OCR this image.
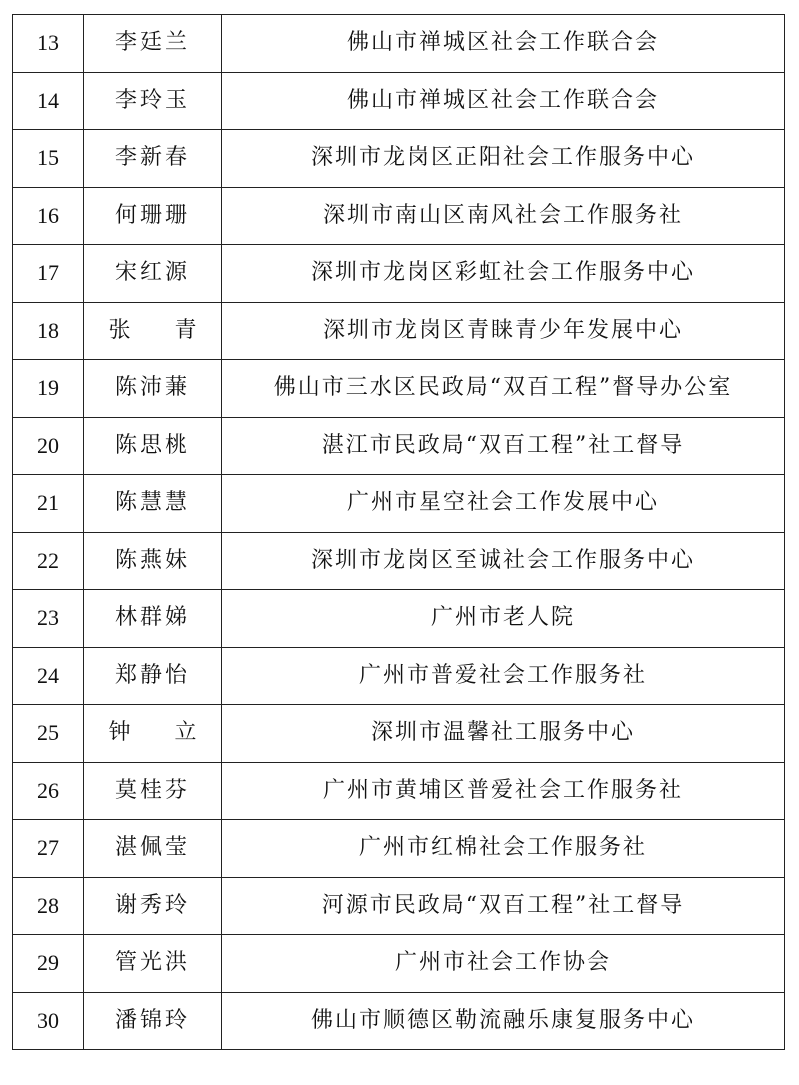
13	李廷兰	佛山市禅城区社会工作联合会
14	李玲玉	佛山市禅城区社会工作联合会
15	李新春	深圳市龙岗区正阳社会工作服务中心
16	何珊珊	深圳市南山区南风社会工作服务社
17	宋红源	深圳市龙岗区彩虹社会工作服务中心
18	张 青	深圳市龙岗区青睐青少年发展中心
19	陈沛蒹	佛山市三水区民政局“双百工程”督导办公室
20	陈思桃	湛江市民政局“双百工程”社工督导
21	陈慧慧	广州市星空社会工作发展中心
22	陈燕妹	深圳市龙岗区至诚社会工作服务中心
23	林群娣	广州市老人院
24	郑静怡	广州市普爱社会工作服务社
25	钟 立	深圳市温馨社工服务中心
26	莫桂芬	广州市黄埔区普爱社会工作服务社
27	湛佩莹	广州市红棉社会工作服务社
28	谢秀玲	河源市民政局“双百工程”社工督导
29	管光洪	广州市社会工作协会
30	潘锦玲	佛山市顺德区勒流融乐康复服务中心
